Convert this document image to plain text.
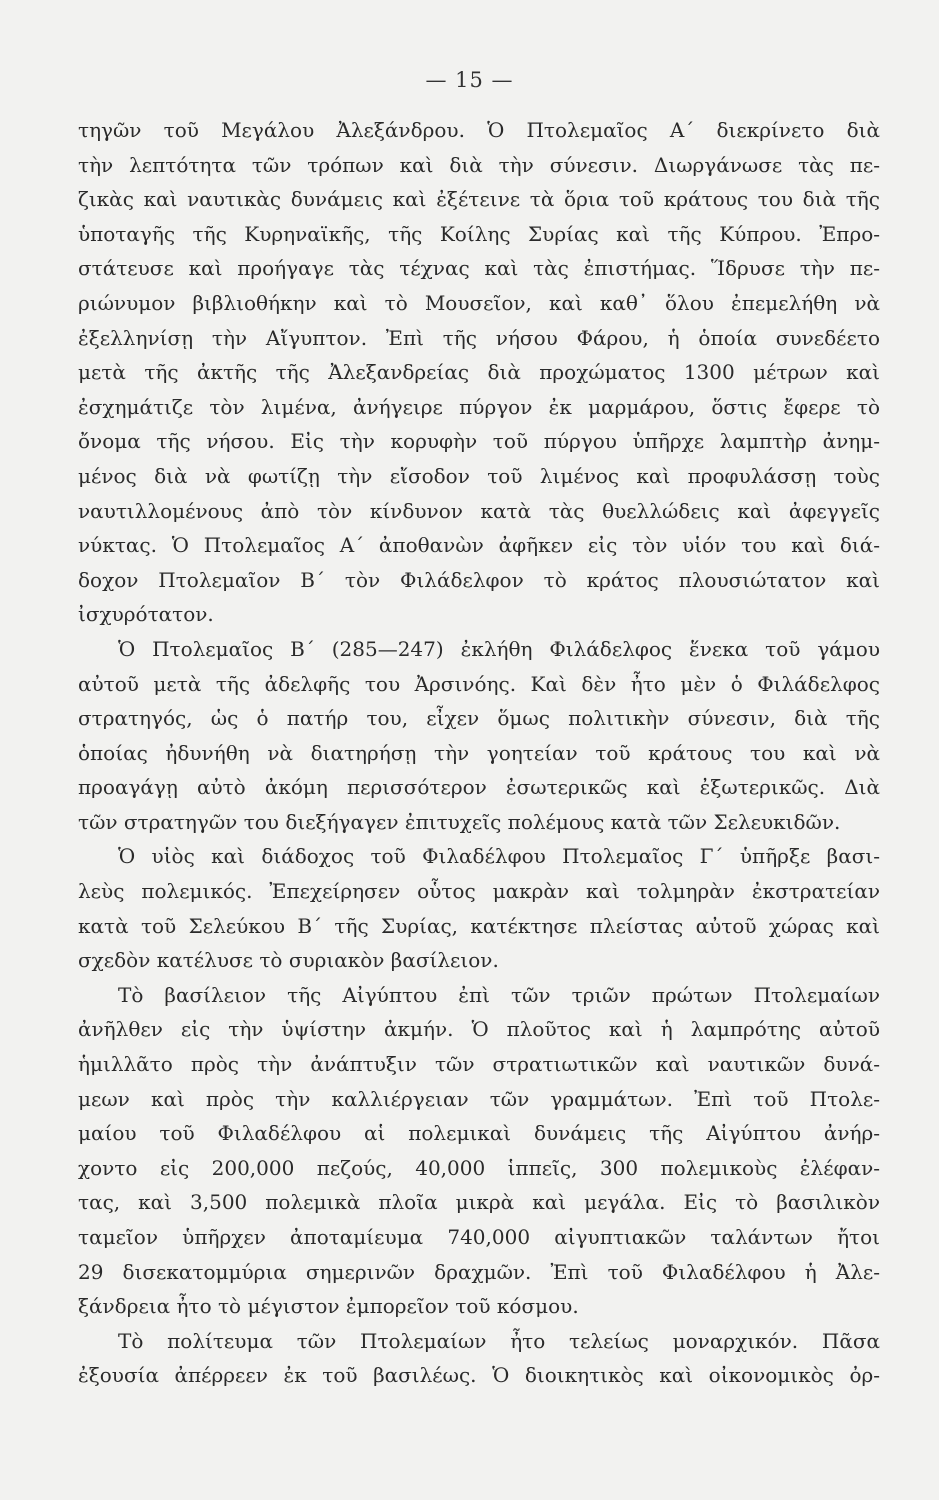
— 15 —
τηγῶν τοῦ Μεγάλου Ἀλεξάνδρου. Ὁ Πτολεμαῖος Α΄ διεκρίνετο διὰ
τὴν λεπτότητα τῶν τρόπων καὶ διὰ τὴν σύνεσιν. Διωργάνωσε τὰς πε-
ζικὰς καὶ ναυτικὰς δυνάμεις καὶ ἐξέτεινε τὰ ὅρια τοῦ κράτους του διὰ τῆς
ὑποταγῆς τῆς Κυρηναϊκῆς, τῆς Κοίλης Συρίας καὶ τῆς Κύπρου. Ἐπρο-
στάτευσε καὶ προήγαγε τὰς τέχνας καὶ τὰς ἐπιστήμας. Ἵδρυσε τὴν πε-
ριώνυμον βιβλιοθήκην καὶ τὸ Μουσεῖον, καὶ καθ᾽ ὅλου ἐπεμελήθη νὰ
ἐξελληνίσῃ τὴν Αἴγυπτον. Ἐπὶ τῆς νήσου Φάρου, ἡ ὁποία συνεδέετο
μετὰ τῆς ἀκτῆς τῆς Ἀλεξανδρείας διὰ προχώματος 1300 μέτρων καὶ
ἐσχημάτιζε τὸν λιμένα, ἀνήγειρε πύργον ἐκ μαρμάρου, ὅστις ἔφερε τὸ
ὄνομα τῆς νήσου. Εἰς τὴν κορυφὴν τοῦ πύργου ὑπῆρχε λαμπτὴρ ἀνημ-
μένος διὰ νὰ φωτίζῃ τὴν εἴσοδον τοῦ λιμένος καὶ προφυλάσσῃ τοὺς
ναυτιλλομένους ἀπὸ τὸν κίνδυνον κατὰ τὰς θυελλώδεις καὶ ἀφεγγεῖς
νύκτας. Ὁ Πτολεμαῖος Α΄ ἀποθανὼν ἀφῆκεν εἰς τὸν υἱόν του καὶ διά-
δοχον Πτολεμαῖον Β΄ τὸν Φιλάδελφον τὸ κράτος πλουσιώτατον καὶ
ἰσχυρότατον.
Ὁ Πτολεμαῖος Β΄ (285—247) ἐκλήθη Φιλάδελφος ἕνεκα τοῦ γάμου
αὐτοῦ μετὰ τῆς ἀδελφῆς του Ἀρσινόης. Καὶ δὲν ἦτο μὲν ὁ Φιλάδελφος
στρατηγός, ὡς ὁ πατήρ του, εἶχεν ὅμως πολιτικὴν σύνεσιν, διὰ τῆς
ὁποίας ἠδυνήθη νὰ διατηρήσῃ τὴν γοητείαν τοῦ κράτους του καὶ νὰ
προαγάγῃ αὐτὸ ἀκόμη περισσότερον ἐσωτερικῶς καὶ ἐξωτερικῶς. Διὰ
τῶν στρατηγῶν του διεξήγαγεν ἐπιτυχεῖς πολέμους κατὰ τῶν Σελευκιδῶν.
Ὁ υἱὸς καὶ διάδοχος τοῦ Φιλαδέλφου Πτολεμαῖος Γ΄ ὑπῆρξε βασι-
λεὺς πολεμικός. Ἐπεχείρησεν οὗτος μακρὰν καὶ τολμηρὰν ἐκστρατείαν
κατὰ τοῦ Σελεύκου Β΄ τῆς Συρίας, κατέκτησε πλείστας αὐτοῦ χώρας καὶ
σχεδὸν κατέλυσε τὸ συριακὸν βασίλειον.
Τὸ βασίλειον τῆς Αἰγύπτου ἐπὶ τῶν τριῶν πρώτων Πτολεμαίων
ἀνῆλθεν εἰς τὴν ὑψίστην ἀκμήν. Ὁ πλοῦτος καὶ ἡ λαμπρότης αὐτοῦ
ἡμιλλᾶτο πρὸς τὴν ἀνάπτυξιν τῶν στρατιωτικῶν καὶ ναυτικῶν δυνά-
μεων καὶ πρὸς τὴν καλλιέργειαν τῶν γραμμάτων. Ἐπὶ τοῦ Πτολε-
μαίου τοῦ Φιλαδέλφου αἱ πολεμικαὶ δυνάμεις τῆς Αἰγύπτου ἀνήρ-
χοντο εἰς 200,000 πεζούς, 40,000 ἱππεῖς, 300 πολεμικοὺς ἐλέφαν-
τας, καὶ 3,500 πολεμικὰ πλοῖα μικρὰ καὶ μεγάλα. Εἰς τὸ βασιλικὸν
ταμεῖον ὑπῆρχεν ἀποταμίευμα 740,000 αἰγυπτιακῶν ταλάντων ἤτοι
29 δισεκατομμύρια σημερινῶν δραχμῶν. Ἐπὶ τοῦ Φιλαδέλφου ἡ Ἀλε-
ξάνδρεια ἦτο τὸ μέγιστον ἐμπορεῖον τοῦ κόσμου.
Τὸ πολίτευμα τῶν Πτολεμαίων ἦτο τελείως μοναρχικόν. Πᾶσα
ἐξουσία ἀπέρρεεν ἐκ τοῦ βασιλέως. Ὁ διοικητικὸς καὶ οἰκονομικὸς ὀρ-
